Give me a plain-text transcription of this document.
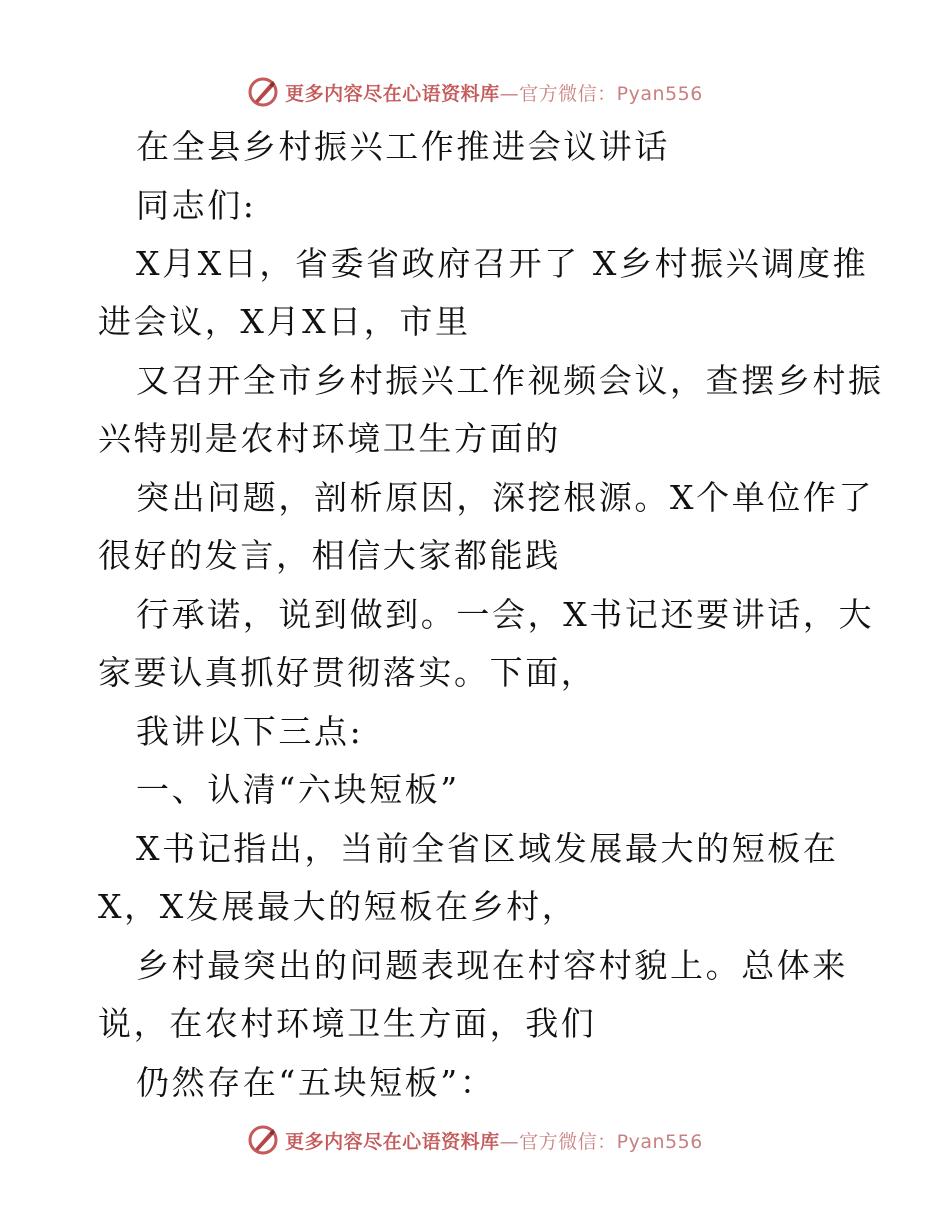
更多内容尽在心语资料库—官方微信：Pyan556
在全县乡村振兴工作推进会议讲话
同志们:
X月X日，省委省政府召开了 X乡村振兴调度推
进会议，X月X日，市里
又召开全市乡村振兴工作视频会议，查摆乡村振
兴特别是农村环境卫生方面的
突出问题，剖析原因，深挖根源。X个单位作了
很好的发言，相信大家都能践
行承诺，说到做到。一会，X书记还要讲话，大
家要认真抓好贯彻落实。下面，
我讲以下三点:
一、认清“六块短板”
X书记指出，当前全省区域发展最大的短板在
X，X发展最大的短板在乡村，
乡村最突出的问题表现在村容村貌上。总体来
说，在农村环境卫生方面，我们
仍然存在“五块短板”：
更多内容尽在心语资料库—官方微信：Pyan556
